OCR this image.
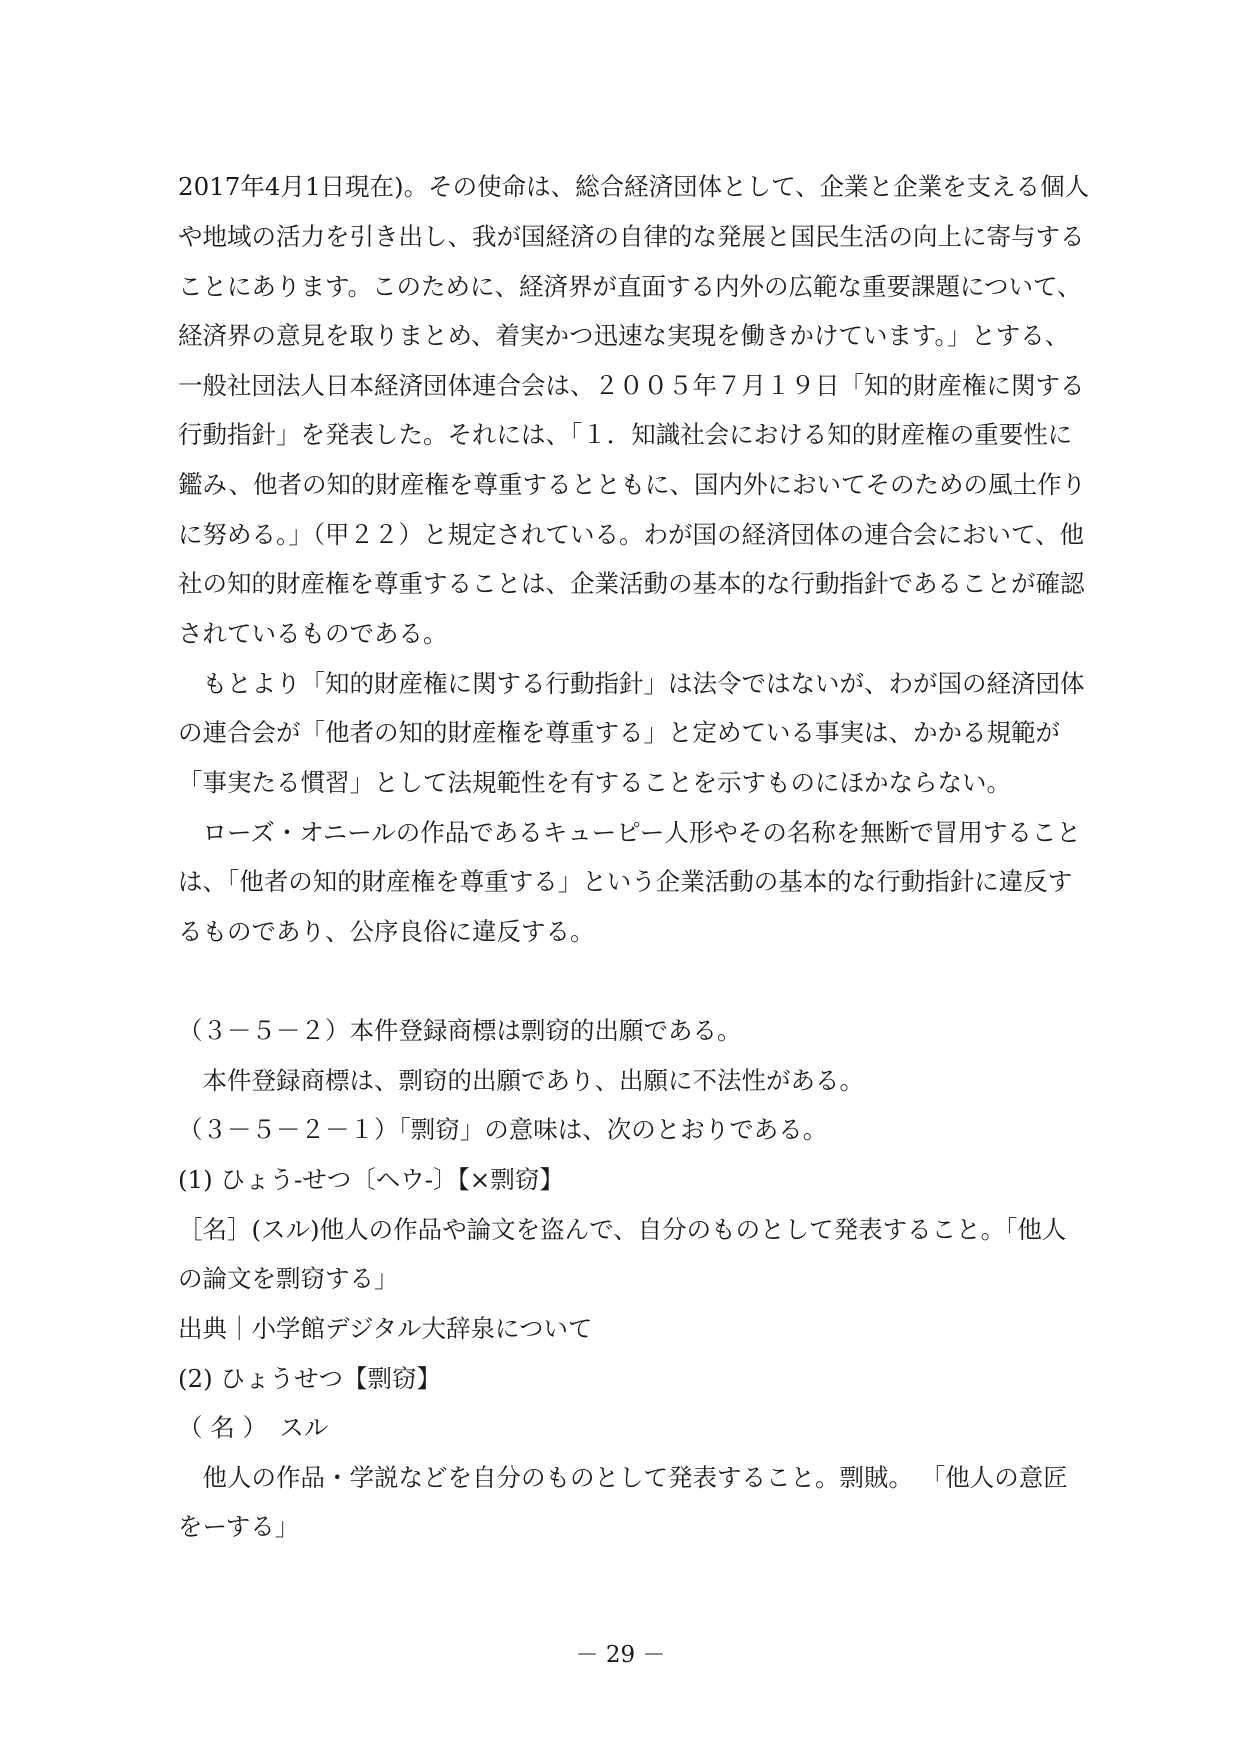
2017年4月1日現在)。その使命は、総合経済団体として、企業と企業を支える個人
や地域の活力を引き出し、我が国経済の自律的な発展と国民生活の向上に寄与する
ことにあります。このために、経済界が直面する内外の広範な重要課題について、
経済界の意見を取りまとめ、着実かつ迅速な実現を働きかけています。」とする、
一般社団法人日本経済団体連合会は、２００５年７月１９日「知的財産権に関する
行動指針」を発表した。それには、「１．知識社会における知的財産権の重要性に
鑑み、他者の知的財産権を尊重するとともに、国内外においてそのための風土作り
に努める。」（甲２２）と規定されている。わが国の経済団体の連合会において、他
社の知的財産権を尊重することは、企業活動の基本的な行動指針であることが確認
されているものである。
　もとより「知的財産権に関する行動指針」は法令ではないが、わが国の経済団体
の連合会が「他者の知的財産権を尊重する」と定めている事実は、かかる規範が
「事実たる慣習」として法規範性を有することを示すものにほかならない。
　ローズ・オニールの作品であるキューピー人形やその名称を無断で冒用すること
は、「他者の知的財産権を尊重する」という企業活動の基本的な行動指針に違反す
るものであり、公序良俗に違反する。
（３－５－２）本件登録商標は剽窃的出願である。
　本件登録商標は、剽窃的出願であり、出願に不法性がある。
（３－５－２－１）「剽窃」の意味は、次のとおりである。
(1) ひょう‐せつ〔ヘウ‐〕【×剽窃】
［名］(スル)他人の作品や論文を盗んで、自分のものとして発表すること。「他人
の論文を剽窃する」
出典｜小学館デジタル大辞泉について
(2) ひょうせつ【剽窃】
（ 名 ）　スル
　他人の作品・学説などを自分のものとして発表すること。剽賊。 「他人の意匠
をーする」
－ 29 －
